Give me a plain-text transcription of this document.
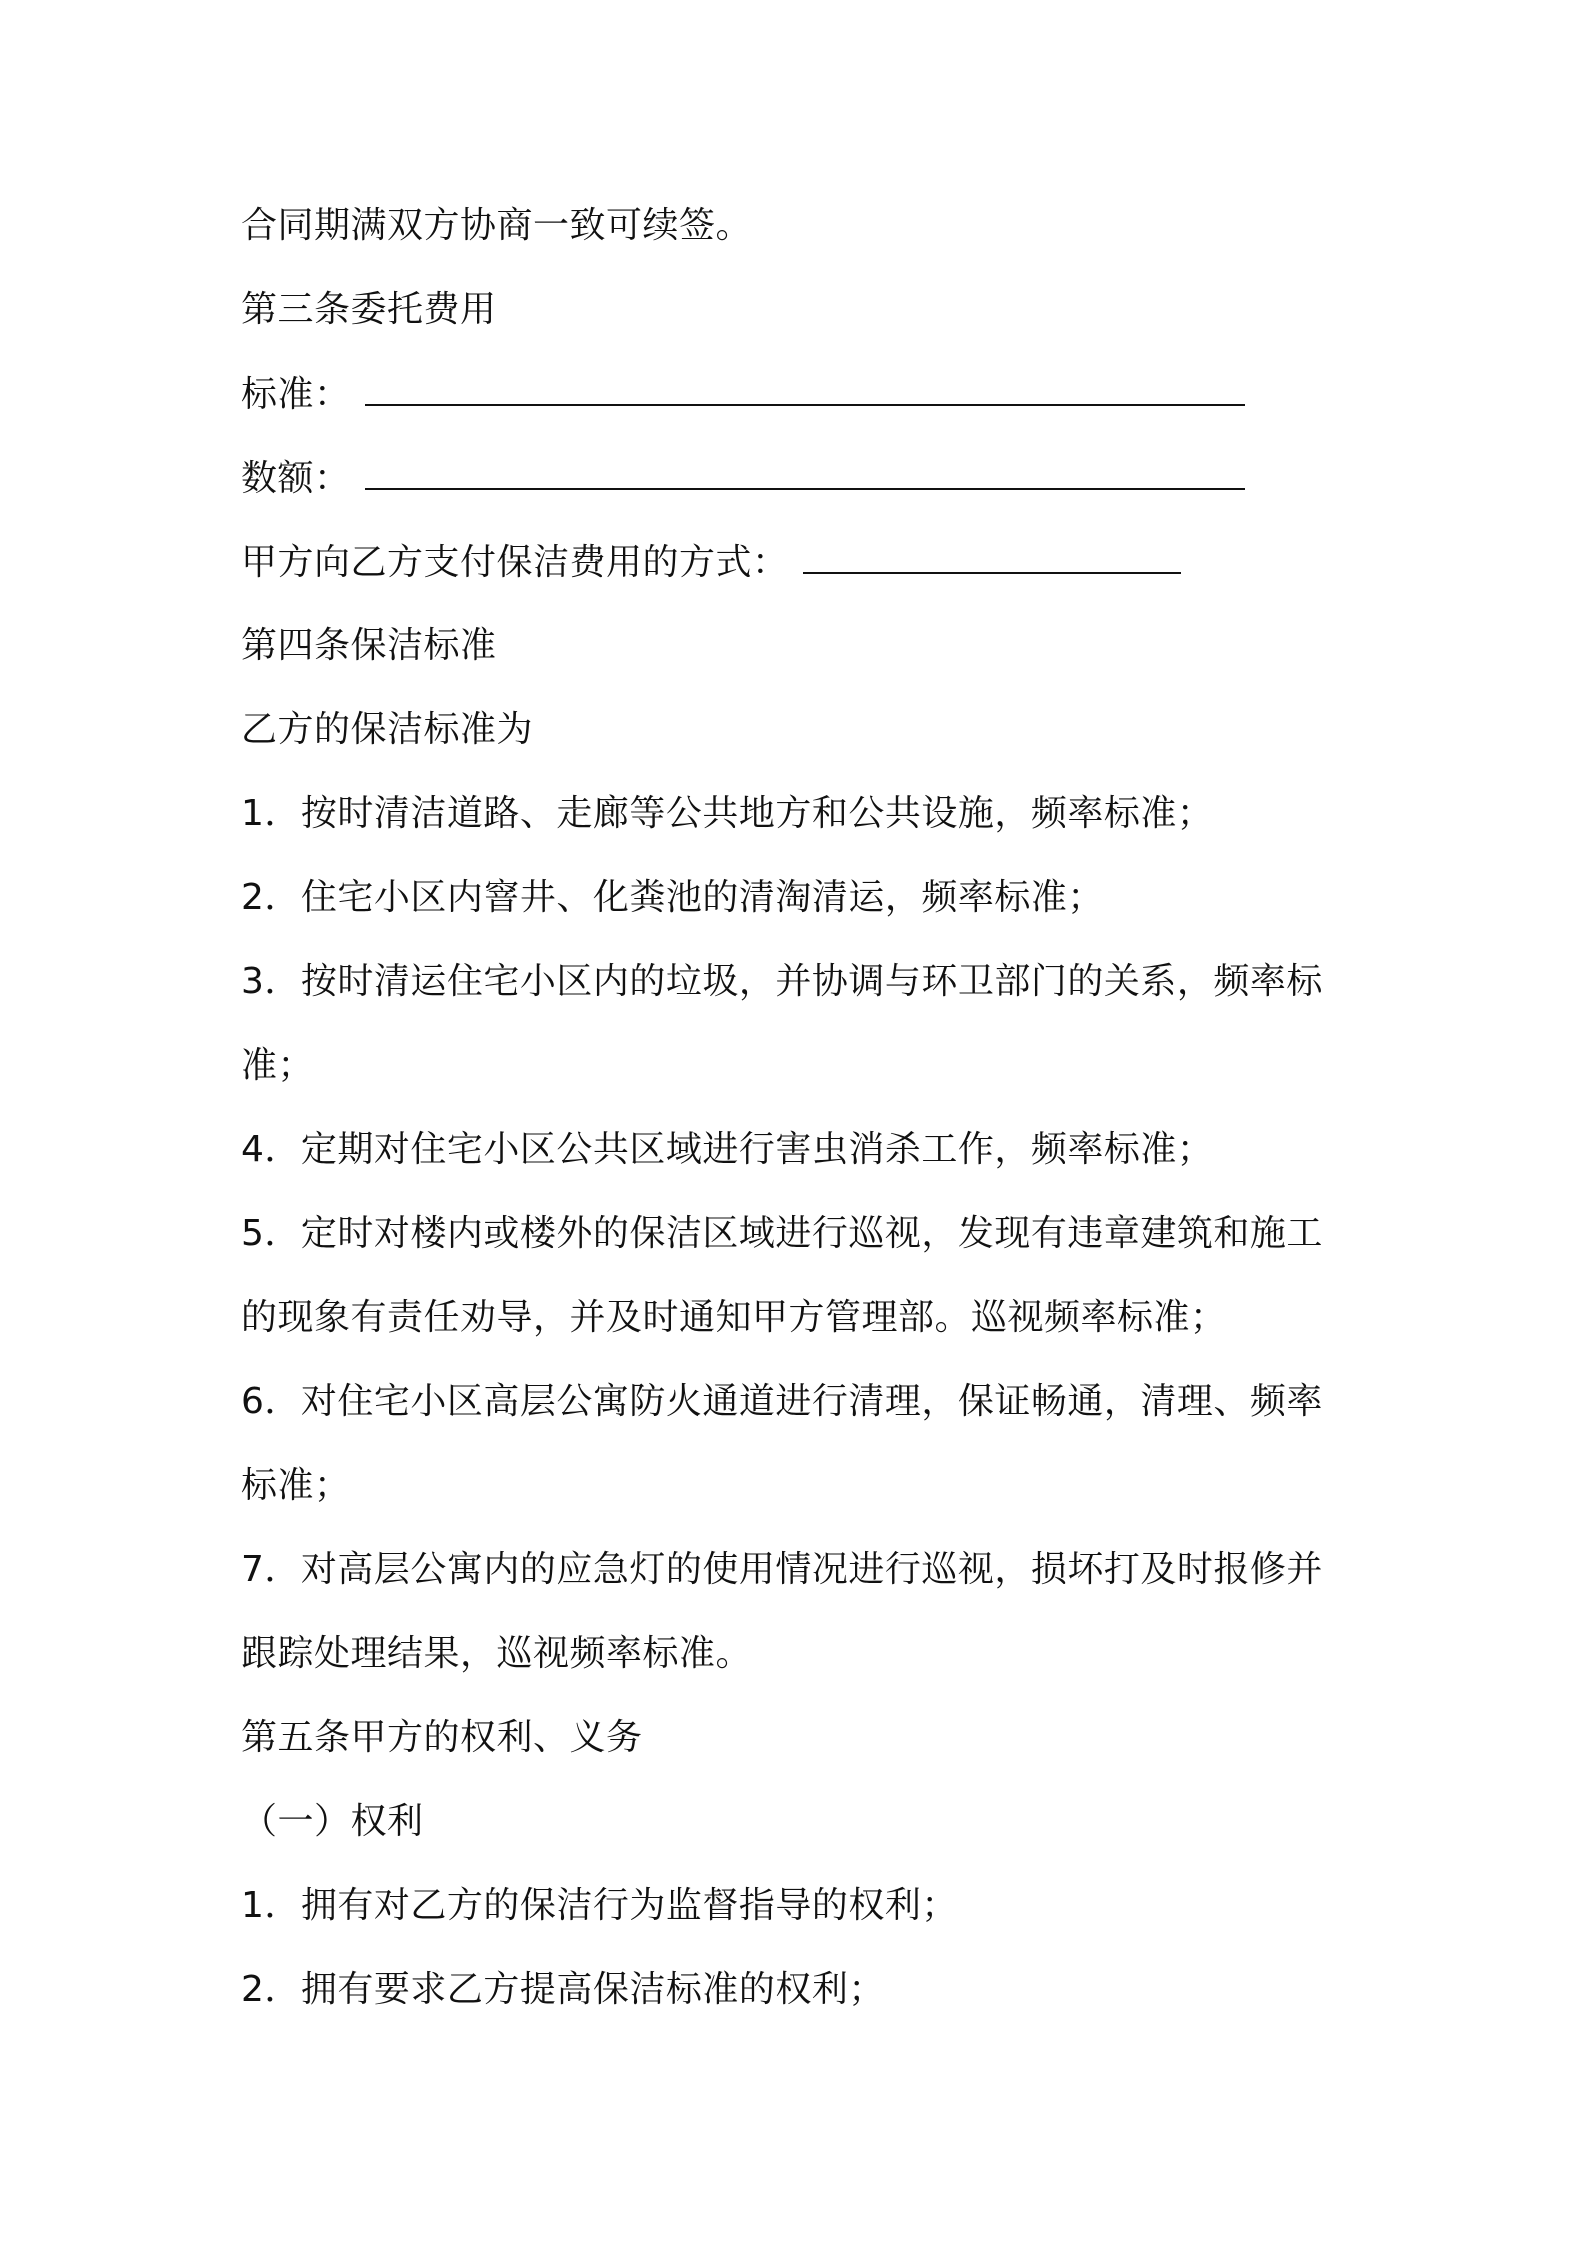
合同期满双方协商一致可续签。
第三条委托费用
标准：
数额：
甲方向乙方支付保洁费用的方式：
第四条保洁标准
乙方的保洁标准为
1．按时清洁道路、走廊等公共地方和公共设施，频率标准；
2．住宅小区内窨井、化粪池的清淘清运，频率标准；
3．按时清运住宅小区内的垃圾，并协调与环卫部门的关系，频率标
准；
4．定期对住宅小区公共区域进行害虫消杀工作，频率标准；
5．定时对楼内或楼外的保洁区域进行巡视，发现有违章建筑和施工
的现象有责任劝导，并及时通知甲方管理部。巡视频率标准；
6．对住宅小区高层公寓防火通道进行清理，保证畅通，清理、频率
标准；
7．对高层公寓内的应急灯的使用情况进行巡视，损坏打及时报修并
跟踪处理结果，巡视频率标准。
第五条甲方的权利、义务
（一）权利
1．拥有对乙方的保洁行为监督指导的权利；
2．拥有要求乙方提高保洁标准的权利；
